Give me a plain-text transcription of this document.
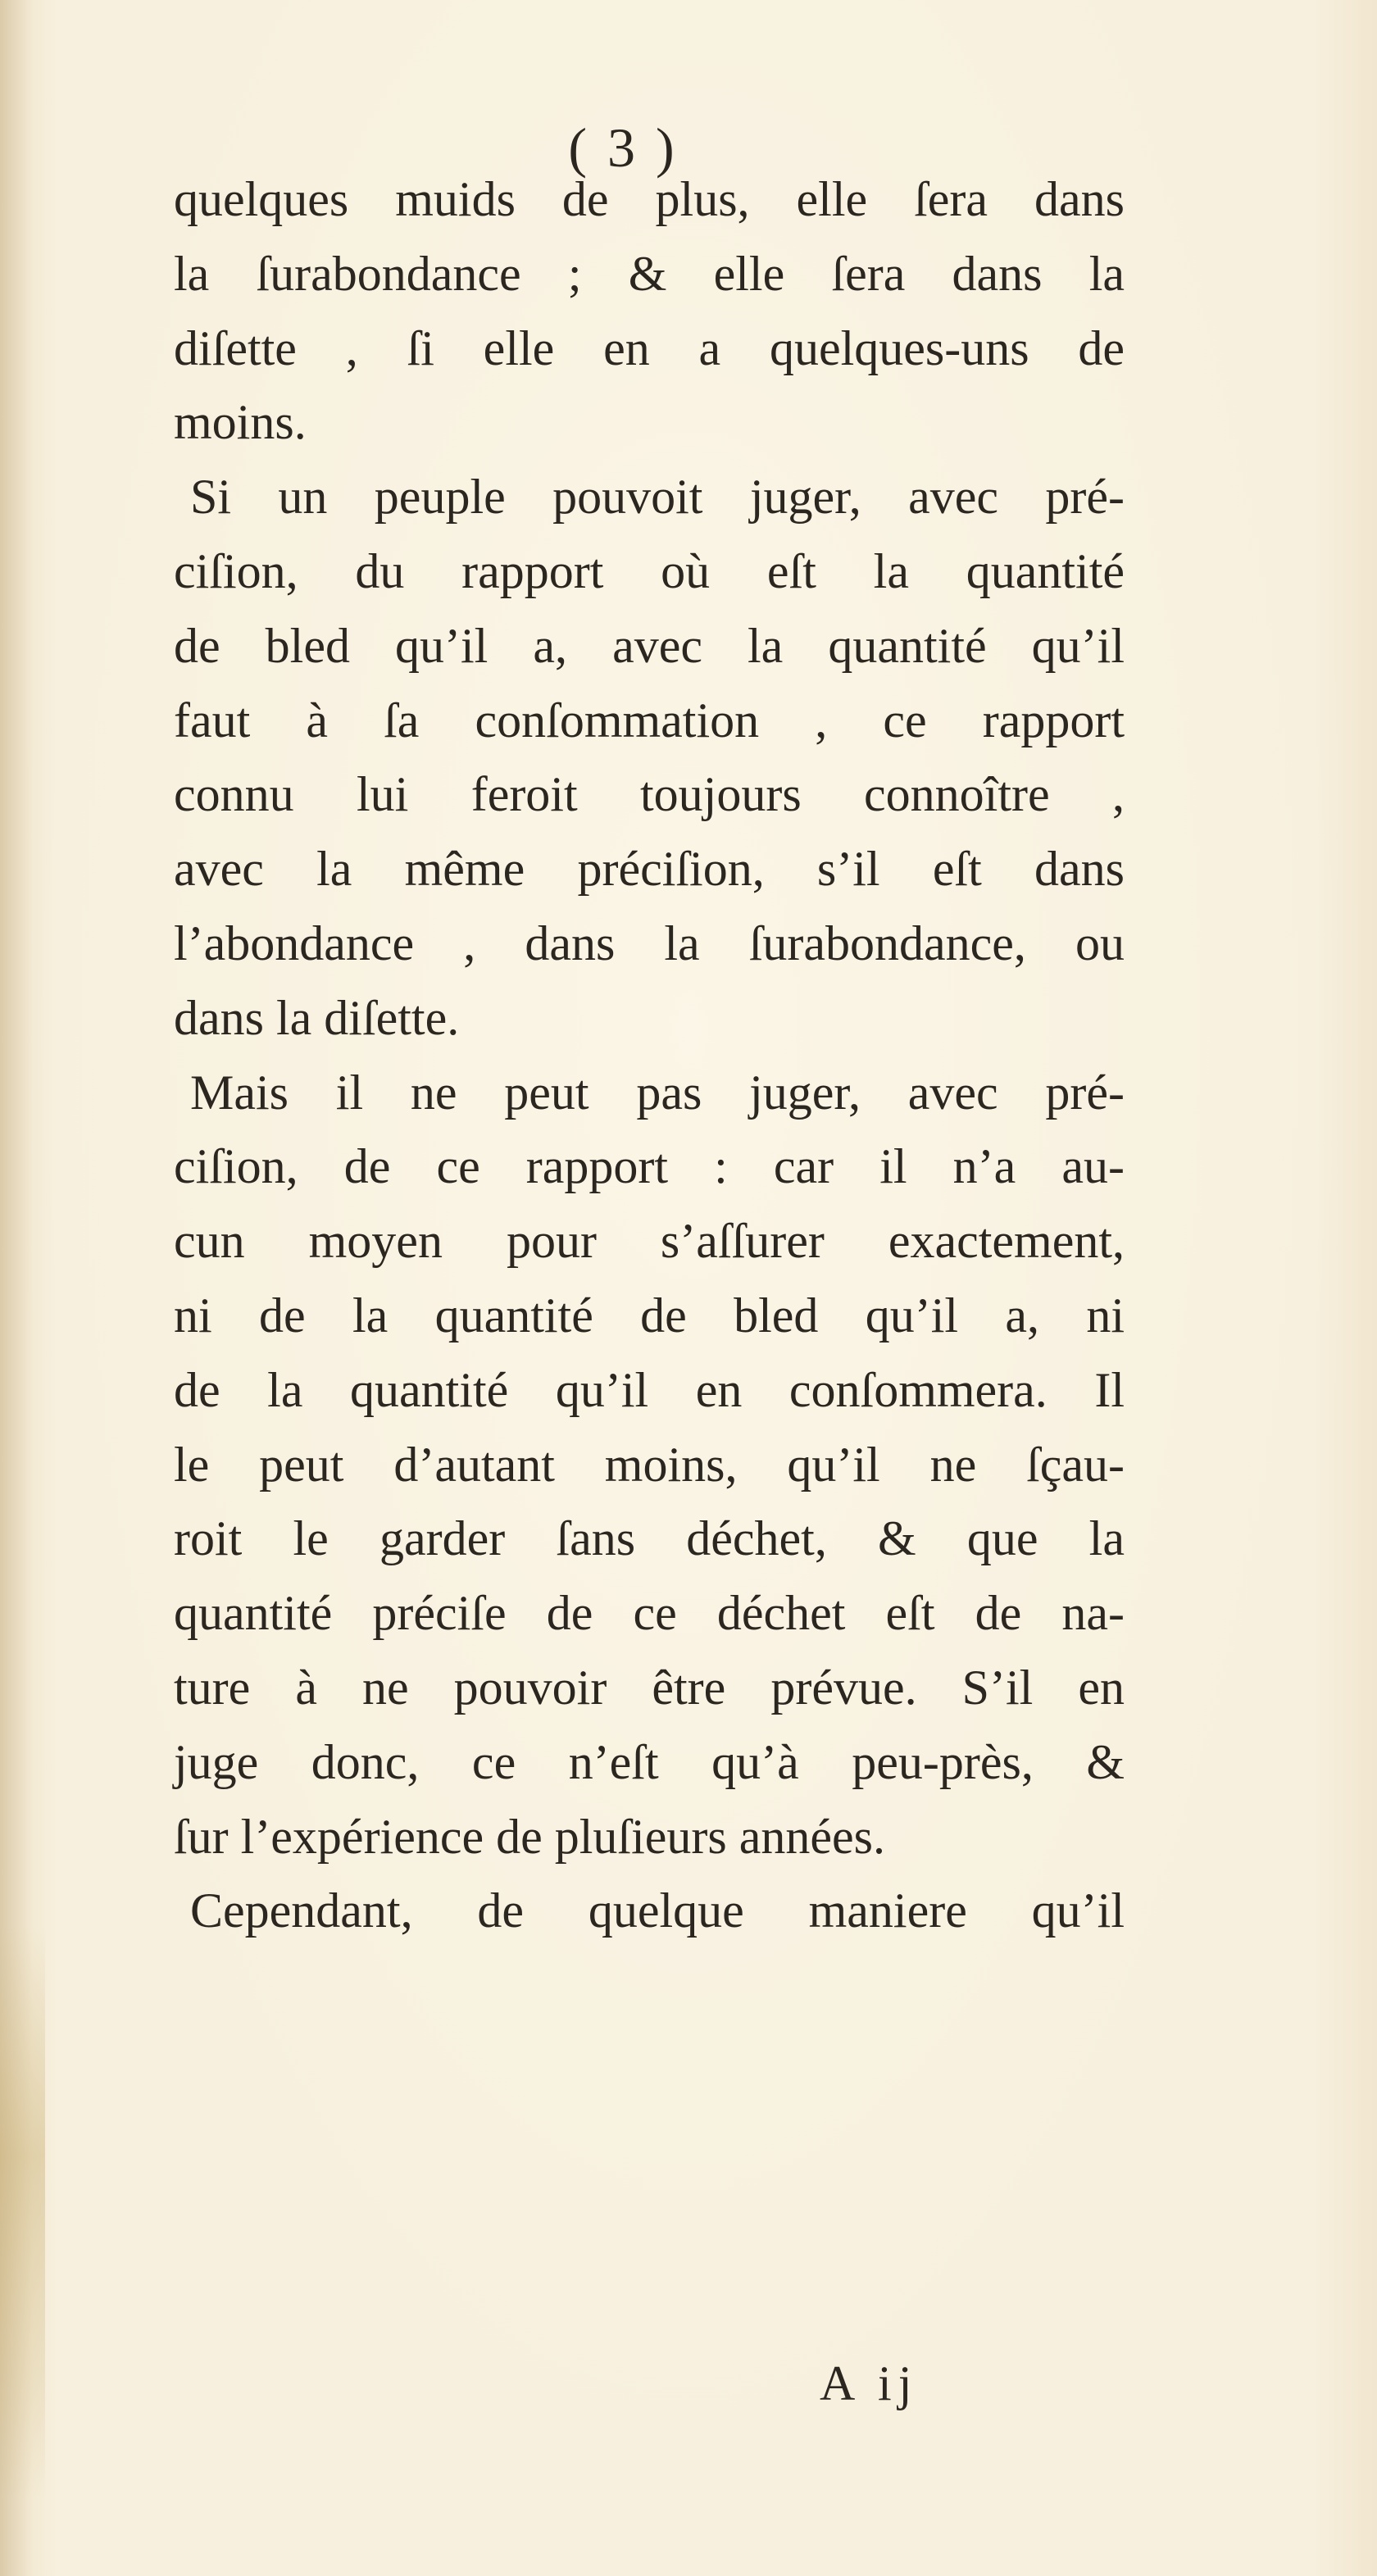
( 3 )
quelques muids de plus, elle ſera dans
la ſurabondance ; & elle ſera dans la
diſette , ſi elle en a quelques-uns de
moins.
Si un peuple pouvoit juger, avec pré-
ciſion, du rapport où eſt la quantité
de bled qu’il a, avec la quantité qu’il
faut à ſa conſommation , ce rapport
connu lui feroit toujours connoître ,
avec la même préciſion, s’il eſt dans
l’abondance , dans la ſurabondance, ou
dans la diſette.
Mais il ne peut pas juger, avec pré-
ciſion, de ce rapport : car il n’a au-
cun moyen pour s’aſſurer exactement,
ni de la quantité de bled qu’il a, ni
de la quantité qu’il en conſommera. Il
le peut d’autant moins, qu’il ne ſçau-
roit le garder ſans déchet, & que la
quantité préciſe de ce déchet eſt de na-
ture à ne pouvoir être prévue. S’il en
juge donc, ce n’eſt qu’à peu-près, &
ſur l’expérience de pluſieurs années.
Cependant, de quelque maniere qu’il
A ij
